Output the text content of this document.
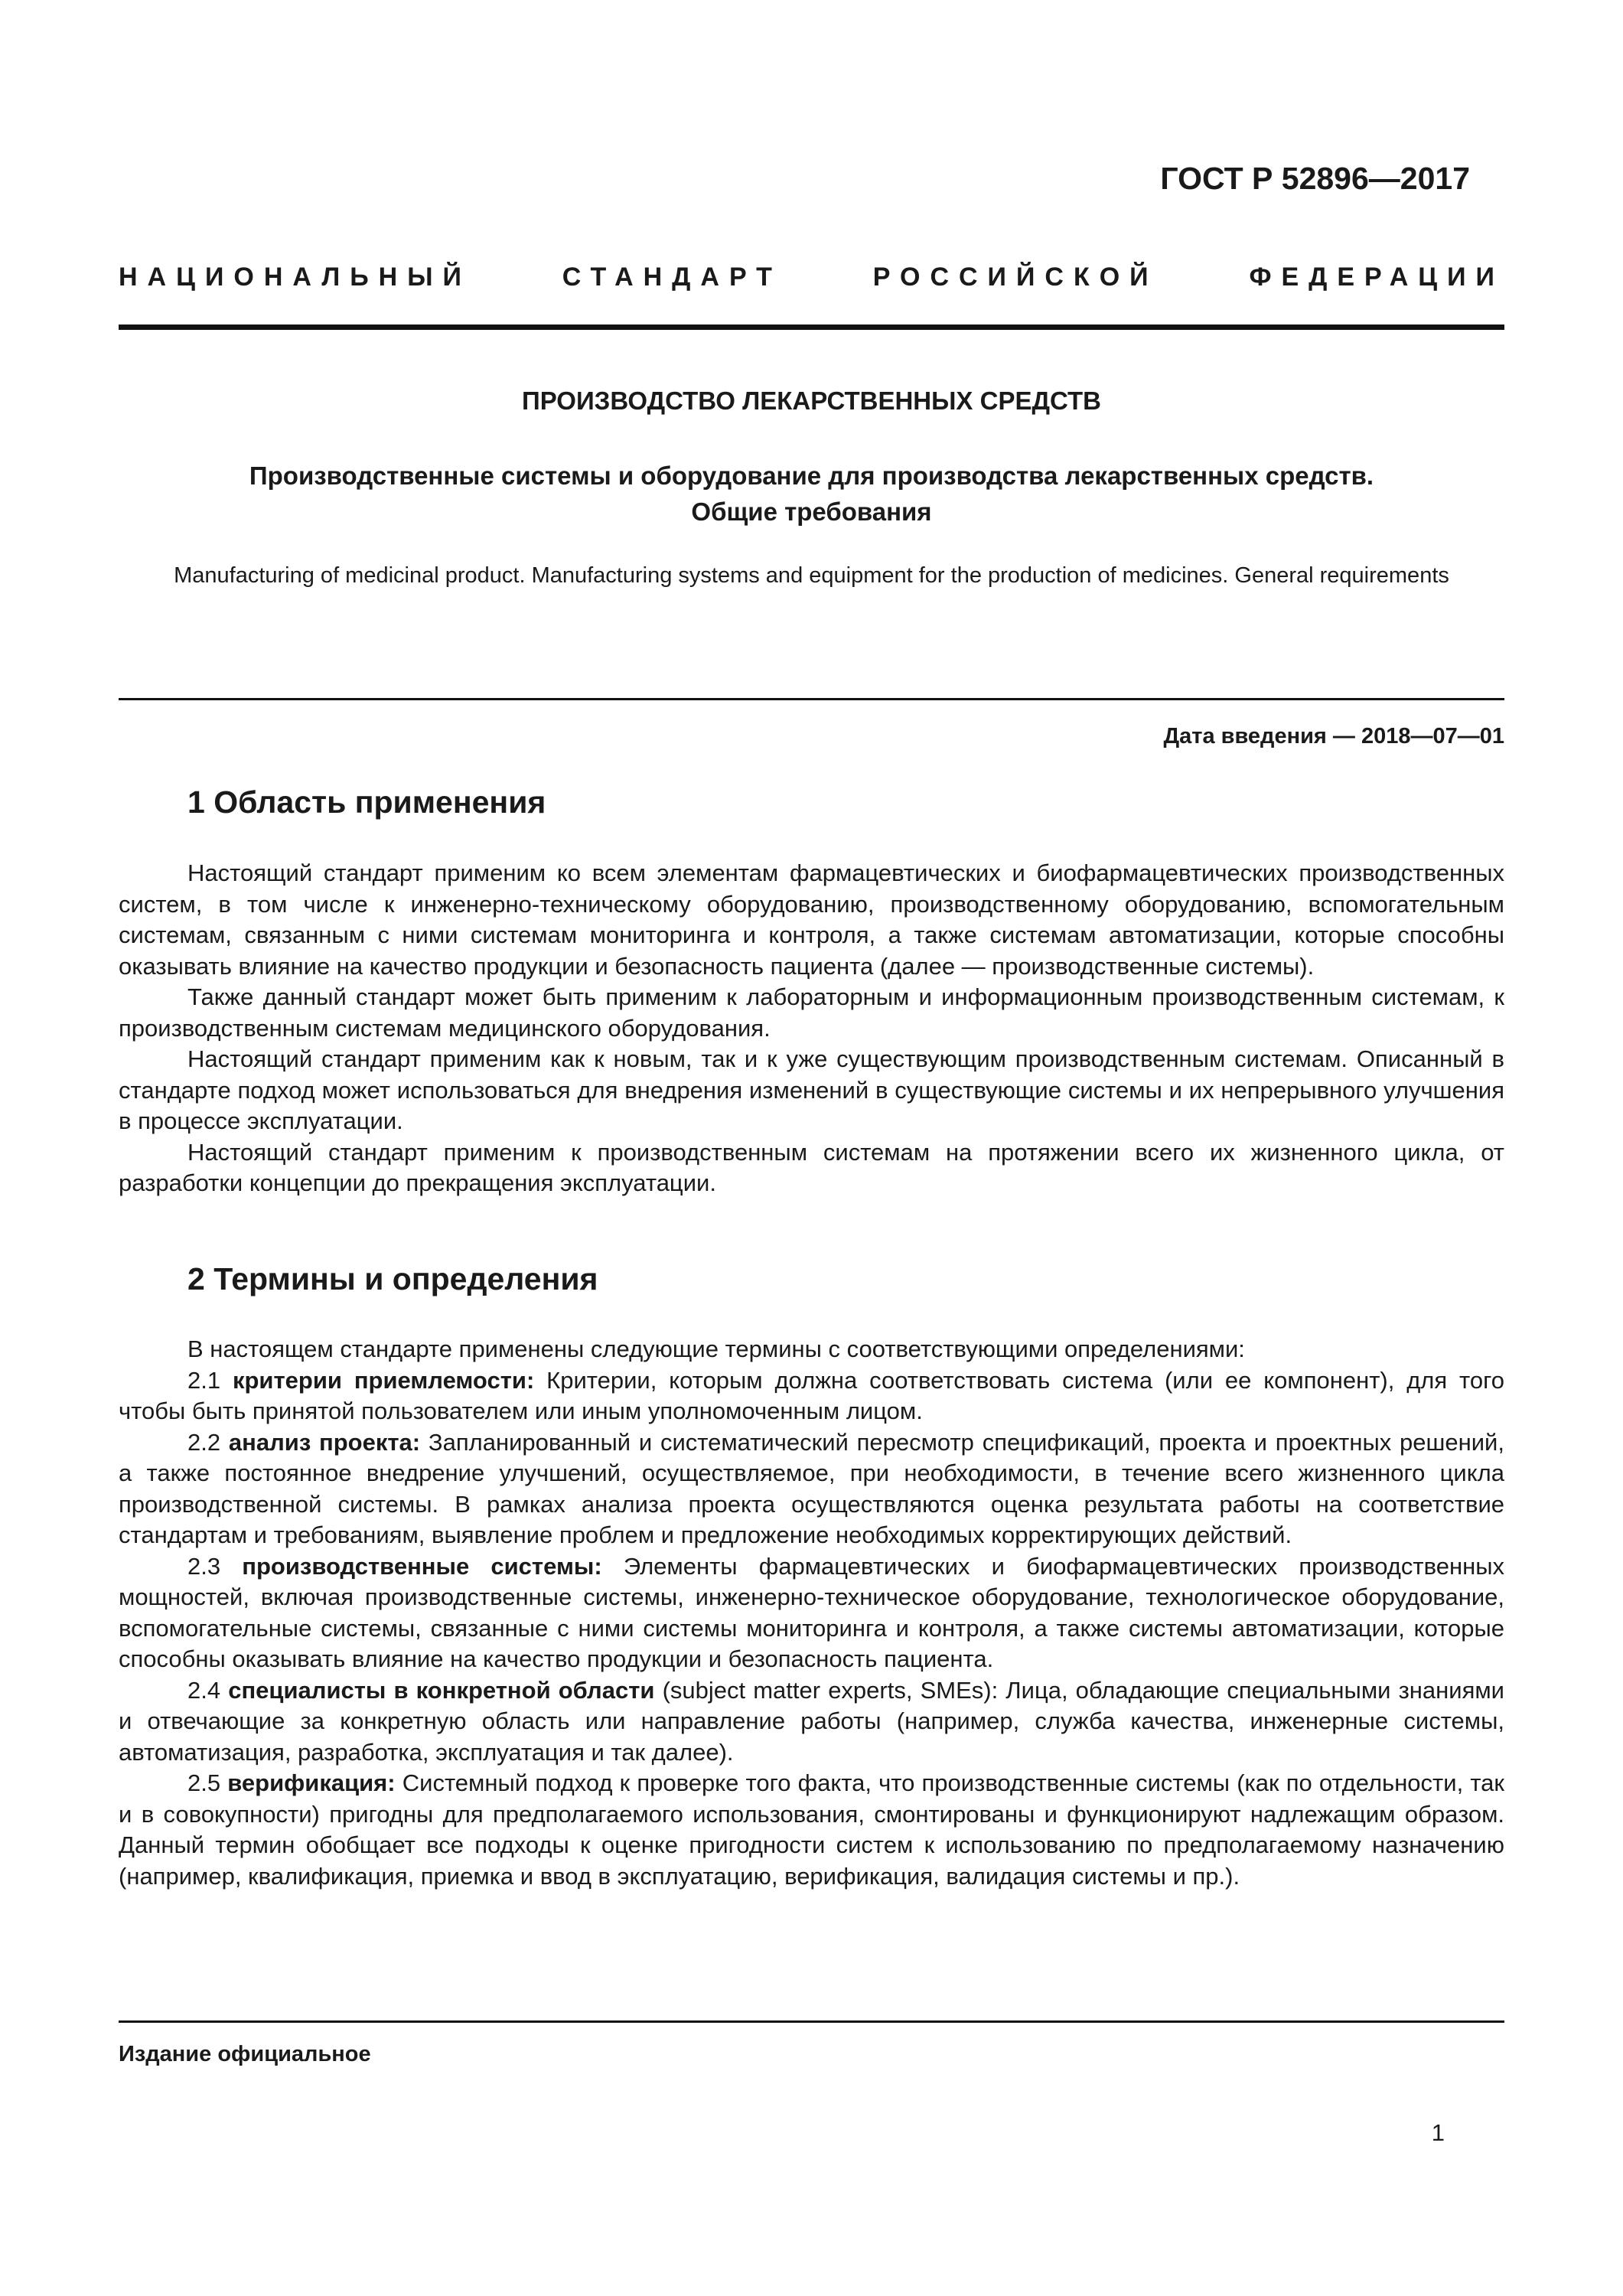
ГОСТ Р 52896—2017
НАЦИОНАЛЬНЫЙ	СТАНДАРТ	РОССИЙСКОЙ	ФЕДЕРАЦИИ
ПРОИЗВОДСТВО ЛЕКАРСТВЕННЫХ СРЕДСТВ
Производственные системы и оборудование для производства лекарственных средств.
Общие требования
Manufacturing of medicinal product. Manufacturing systems and equipment for the production of medicines. General requirements
Дата введения — 2018—07—01
1 Область применения

Настоящий стандарт применим ко всем элементам фармацевтических и биофармацевтических производственных систем, в том числе к инженерно-техническому оборудованию, производственному оборудованию, вспомогательным системам, связанным с ними системам мониторинга и контроля, а также системам автоматизации, которые способны оказывать влияние на качество продукции и безопасность пациента (далее — производственные системы).

Также данный стандарт может быть применим к лабораторным и информационным производственным системам, к производственным системам медицинского оборудования.

Настоящий стандарт применим как к новым, так и к уже существующим производственным системам. Описанный в стандарте подход может использоваться для внедрения изменений в существующие системы и их непрерывного улучшения в процессе эксплуатации.

Настоящий стандарт применим к производственным системам на протяжении всего их жизненного цикла, от разработки концепции до прекращения эксплуатации.

2 Термины и определения

В настоящем стандарте применены следующие термины с соответствующими определениями:

2.1 критерии приемлемости: Критерии, которым должна соответствовать система (или ее компонент), для того чтобы быть принятой пользователем или иным уполномоченным лицом.

2.2 анализ проекта: Запланированный и систематический пересмотр спецификаций, проекта и проектных решений, а также постоянное внедрение улучшений, осуществляемое, при необходимости, в течение всего жизненного цикла производственной системы. В рамках анализа проекта осуществляются оценка результата работы на соответствие стандартам и требованиям, выявление проблем и предложение необходимых корректирующих действий.

2.3 производственные системы: Элементы фармацевтических и биофармацевтических производственных мощностей, включая производственные системы, инженерно-техническое оборудование, технологическое оборудование, вспомогательные системы, связанные с ними системы мониторинга и контроля, а также системы автоматизации, которые способны оказывать влияние на качество продукции и безопасность пациента.

2.4 специалисты в конкретной области (subject matter experts, SMEs): Лица, обладающие специальными знаниями и отвечающие за конкретную область или направление работы (например, служба качества, инженерные системы, автоматизация, разработка, эксплуатация и так далее).

2.5 верификация: Системный подход к проверке того факта, что производственные системы (как по отдельности, так и в совокупности) пригодны для предполагаемого использования, смонтированы и функционируют надлежащим образом. Данный термин обобщает все подходы к оценке пригодности систем к использованию по предполагаемому назначению (например, квалификация, приемка и ввод в эксплуатацию, верификация, валидация системы и пр.).

Издание официальное
1
